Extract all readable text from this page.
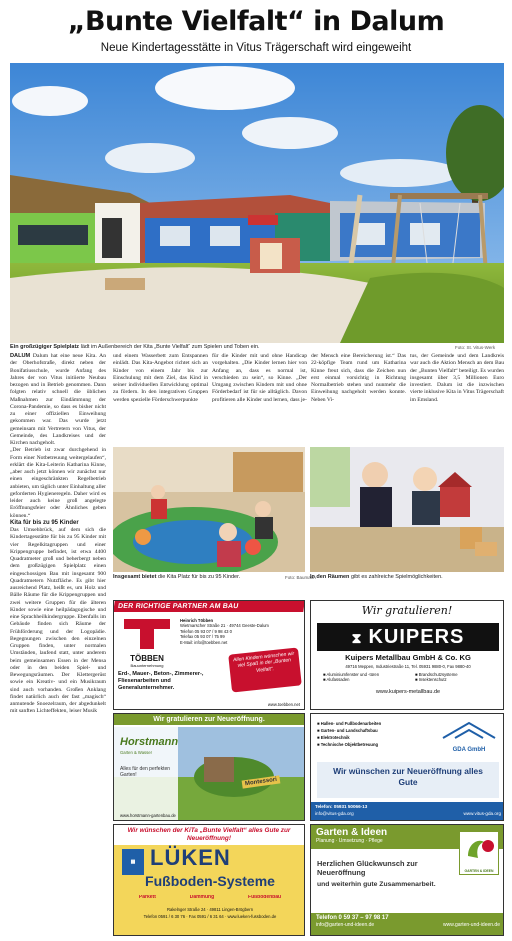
„Bunte Vielfalt“ in Dalum
Neue Kindertagesstätte in Vitus Trägerschaft wird eingeweiht
Ein großzügiger Spielplatz lädt im Außenbereich der Kita „Bunte Vielfalt“ zum Spielen und Toben ein.	Foto: St. Vitus-Werk

DALUM Dalum hat eine neue Kita. An der Oberhofstraße, direkt neben der Bonifatiusschule, wurde Anfang des Jahres der von Vitus initiierte Neubau bezogen und in Betrieb genommen. Dann folgten relativ schnell die üblichen Maßnahmen zur Eindämmung der Corona-Pandemie, so dass es bisher nicht zu einer offiziellen Einweihung gekommen war. Das wurde jetzt gemeinsam mit Vertretern von Vitus, der Gemeinde, des Landkreises und der Kirchen nachgeholt.

„Der Betrieb ist zwar durchgehend in Form einer Notbetreuung weitergelaufen“, erklärt die Kita-Leiterin Katharina Kinne, „aber auch jetzt können wir zunächst nur einen eingeschränkten Regelbetrieb anbieten, um täglich unter Einhaltung aller geforderten Hygieneregeln. Daher wird es leider auch keine groß angelegte Eröffnungsfeier oder Ähnliches geben können.“

Kita für bis zu 95 Kinder

Das Umsehbrück, auf dem sich die Kindertagesstätte für bis zu 95 Kinder mit vier Regelkitagruppen und einer Krippengruppe befindet, ist etwa 4400 Quadratmeter groß und beherbergt neben dem großzügigen Spielplatz einen eingeschossigen Bau mit insgesamt 900 Quadratmetern Nutzfläche. Es gibt hier ausreichend Platz, heißt es, um Holz und Bälle Räume für die Krippengruppen und zwei weitere Gruppen für die älteren Kinder sowie eine heilpädagogische und eine Sprachheilkindergruppe. Ebenfalls im Gebäude finden sich Räume der Frühförderung und der Logopädie. Begegnungen zwischen den einzelnen Gruppen finden, unter normalen Umständen, laufend statt, unter anderem beim gemeinsamen Essen in der Mensa oder in den beiden Spiel- und Bewegungsräumen. Der Klettergerüst sowie ein Kreativ- und ein Musikraum sind auch vorhanden. Großen Anklang findet natürlich auch der fast „magisch“ anmutende Snoezelraum, der abgedunkelt mit sanften Lichteffekten, leiser Musik

und einem Wasserbett zum Entspannen einlädt. Das Kita-Angebot richtet sich an Kinder von einem Jahr bis zur Einschulung mit dem Ziel, das Kind in seiner individuellen Entwicklung optimal zu fördern. In den integrativen Gruppen werden spezielle Förderschwerpunkte
für die Kinder mit und ohne Handicap vorgehalten. „Die Kinder lernen hier von Anfang an, dass es normal ist, verschieden zu sein“, so Kinne. „Der Umgang zwischen Kindern mit und ohne Förderbedarf ist für sie alltäglich. Davon profitieren alle Kinder und lernen, dass je-
der Mensch eine Bereicherung ist.“ Das 22-köpfige Team rund um Katharina Kinne freut sich, dass die Zeichen nun erst einmal vorsichtig in Richtung Normalbetrieb stehen und nunmehr die Einweihung nachgeholt werden konnte. Neben Vi-
tus, der Gemeinde und dem Landkreis war auch die Aktion Mensch an dem Bau der „Bunten Vielfalt“ beteiligt. Es wurden insgesamt über 3,5 Millionen Euro investiert. Dalum ist die inzwischen vierte inklusive Kita in Vitus Trägerschaft im Emsland.
Insgesamt bietet die Kita Platz für bis zu 95 Kinder.	Foto: Baumann
In den Räumen gibt es zahlreiche Spielmöglichkeiten.
DER RICHTIGE PARTNER AM BAU
TÖBBEN
Bauunternehmung
Heinrich Többen
Wietmarscher Straße 21 · 49744 Geeste-Dalum
Telefon 05 93 07 / 9 98 43 0
Telefax 05 93 07 / 75 99
E-Mail: info@toebben.net
Erd-, Mauer-, Beton-, Zimmerer-, Fliesenarbeiten und Generalunternehmer.
Allen Kindern wünschen wir viel Spaß in der „Bunten Vielfalt“.
www.toebben.net
Wir gratulieren!
⧗ KUIPERS
Kuipers Metallbau GmbH & Co. KG
49716 Meppen, Industriestraße 11, Tel. 05931 9880-0, Fax 9880-40
■ Aluminiumfenster und -türen
■ Alufassaden
■ Brandschutzsysteme
■ Insektenschutz
www.kuipers-metallbau.de
Wir gratulieren zur Neueröffnung.
Horstmann
Garten & Wasser
Alles für den perfekten Garten!
Montessori
www.horstmann-gartenbau.de
■ Hallen- und Fußbodenarbeiten
■ Garten- und Landschaftsbau
■ Elektrotechnik
■ Technische Objektbetreuung
GDA GmbH
Wir wünschen zur Neueröffnung alles Gute
Telefon: 05931 50066-13
info@vitus-gda.org	www.vitus-gda.org
Wir wünschen der KiTa „Bunte Vielfalt“ alles Gute zur Neueröffnung!
▦ LÜKEN
Fußboden-Systeme
Parkett	Dämmung	Fußbodenbau
Rakelnger Straße 24 · 49811 Lingen-Brögbern
Telefon 0591 / 6 30 76 · Fax 0591 / 6 31 64 · www.lueken-fussboden.de
Garten & Ideen
Planung · Umsetzung · Pflege
GARTEN & IDEEN
Herzlichen Glückwunsch zur Neueröffnung
und weiterhin gute Zusammenarbeit.
Telefon 0 59 37 – 97 98 17
info@garten-und-ideen.de	www.garten-und-ideen.de
